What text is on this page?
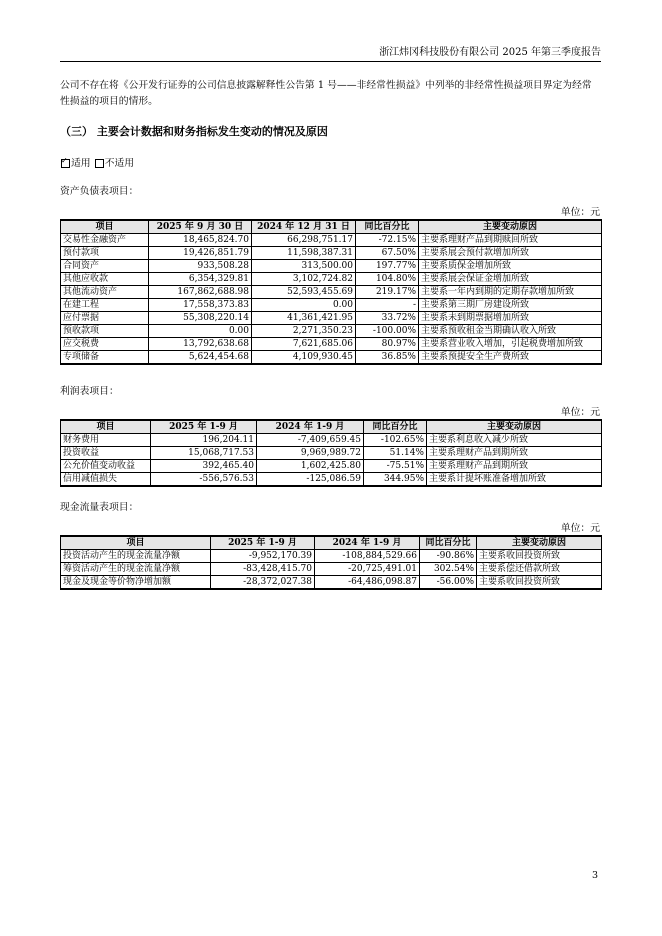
浙江炜冈科技股份有限公司 2025 年第三季度报告
公司不存在将《公开发行证券的公司信息披露解释性公告第 1 号——非经常性损益》中列举的非经常性损益项目界定为经常性损益的项目的情形。
（三） 主要会计数据和财务指标发生变动的情况及原因
✓适用 不适用
资产负债表项目：
单位：元
项目	2025 年 9 月 30 日	2024 年 12 月 31 日	同比百分比	主要变动原因
交易性金融资产	18,465,824.70	66,298,751.17	-72.15%	主要系理财产品到期赎回所致
预付款项	19,426,851.79	11,598,387.31	67.50%	主要系展会预付款增加所致
合同资产	933,508.28	313,500.00	197.77%	主要系质保金增加所致
其他应收款	6,354,329.81	3,102,724.82	104.80%	主要系展会保证金增加所致
其他流动资产	167,862,688.98	52,593,455.69	219.17%	主要系一年内到期的定期存款增加所致
在建工程	17,558,373.83	0.00	-	主要系第三期厂房建设所致
应付票据	55,308,220.14	41,361,421.95	33.72%	主要系未到期票据增加所致
预收款项	0.00	2,271,350.23	-100.00%	主要系预收租金当期确认收入所致
应交税费	13,792,638.68	7,621,685.06	80.97%	主要系营业收入增加，引起税费增加所致
专项储备	5,624,454.68	4,109,930.45	36.85%	主要系预提安全生产费所致
利润表项目：
单位：元
项目	2025 年 1-9 月	2024 年 1-9 月	同比百分比	主要变动原因
财务费用	196,204.11	-7,409,659.45	-102.65%	主要系利息收入减少所致
投资收益	15,068,717.53	9,969,989.72	51.14%	主要系理财产品到期所致
公允价值变动收益	392,465.40	1,602,425.80	-75.51%	主要系理财产品到期所致
信用减值损失	-556,576.53	-125,086.59	344.95%	主要系计提坏账准备增加所致
现金流量表项目：
单位：元
项目	2025 年 1-9 月	2024 年 1-9 月	同比百分比	主要变动原因
投资活动产生的现金流量净额	-9,952,170.39	-108,884,529.66	-90.86%	主要系收回投资所致
筹资活动产生的现金流量净额	-83,428,415.70	-20,725,491.01	302.54%	主要系偿还借款所致
现金及现金等价物净增加额	-28,372,027.38	-64,486,098.87	-56.00%	主要系收回投资所致
3
